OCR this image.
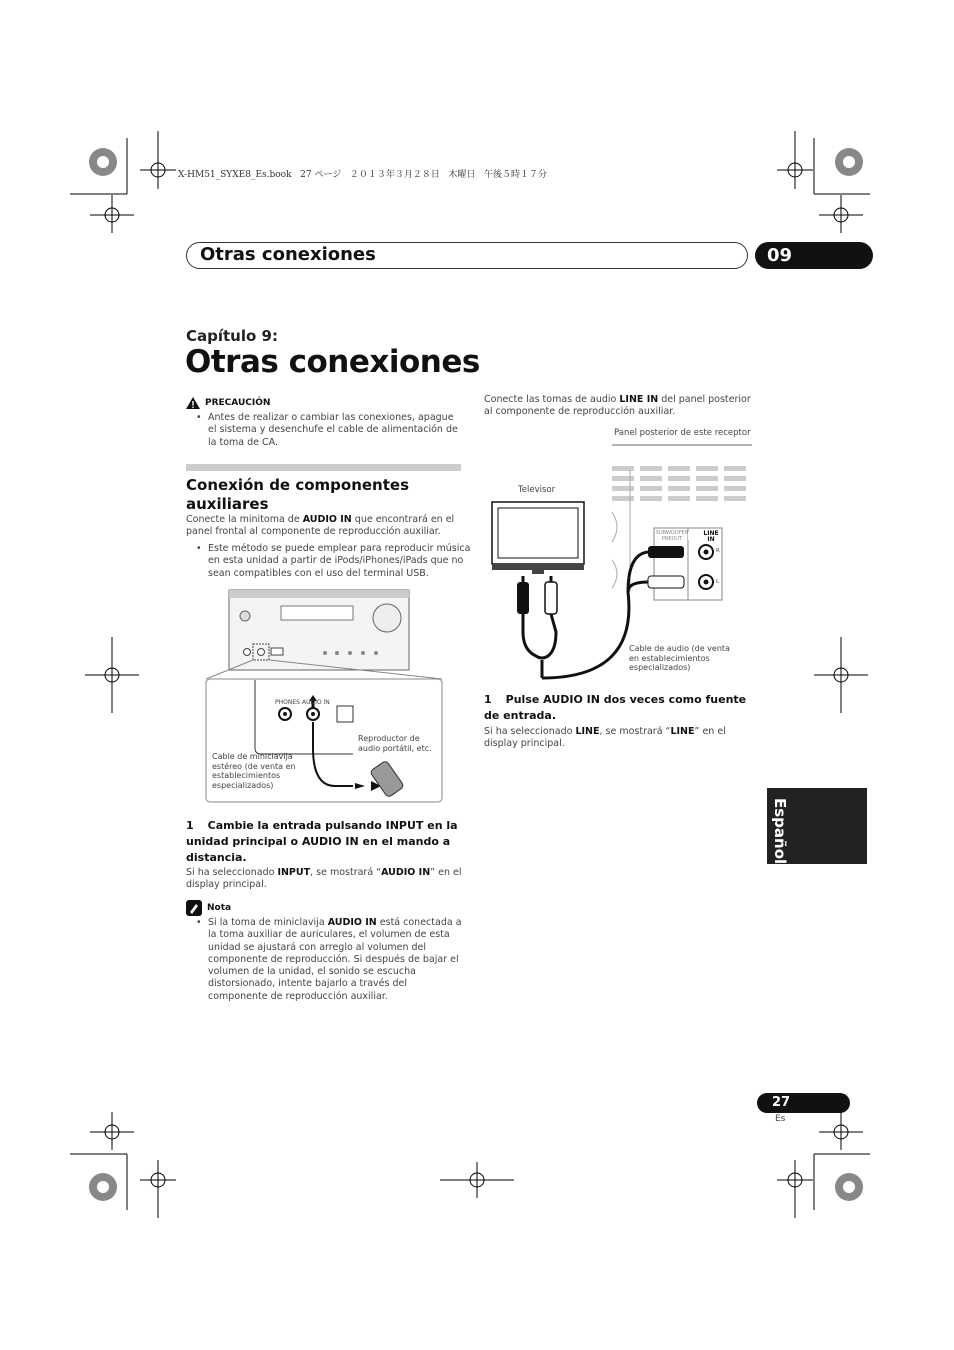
X-HM51_SYXE8_Es.book   27 ページ   ２０１３年３月２８日   木曜日   午後５時１７分
Otras conexiones	09
Capítulo 9:
Otras conexiones
PRECAUCIÓN
• Antes de realizar o cambiar las conexiones, apague el sistema y desenchufe el cable de alimentación de la toma de CA.
Conexión de componentes auxiliares
Conecte la minitoma de AUDIO IN que encontrará en el panel frontal al componente de reproducción auxiliar.
• Este método se puede emplear para reproducir música en esta unidad a partir de iPods/iPhones/iPads que no sean compatibles con el uso del terminal USB.
PHONES AUDIO IN
Cable de miniclavija estéreo (de venta en establecimientos especializados)
Reproductor de audio portátil, etc.
1 Cambie la entrada pulsando INPUT en la unidad principal o AUDIO IN en el mando a distancia.
Si ha seleccionado INPUT, se mostrará “AUDIO IN” en el display principal.
Nota
• Si la toma de miniclavija AUDIO IN está conectada a la toma auxiliar de auriculares, el volumen de esta unidad se ajustará con arreglo al volumen del componente de reproducción. Si después de bajar el volumen de la unidad, el sonido se escucha distorsionado, intente bajarlo a través del componente de reproducción auxiliar.
Conecte las tomas de audio LINE IN del panel posterior al componente de reproducción auxiliar.
Panel posterior de este receptor
Televisor
SUBWOOFER PREOUT
LINE IN
R
L
Cable de audio (de venta en establecimientos especializados)
1 Pulse AUDIO IN dos veces como fuente de entrada.
Si ha seleccionado LINE, se mostrará “LINE” en el display principal.
Español
27
Es
